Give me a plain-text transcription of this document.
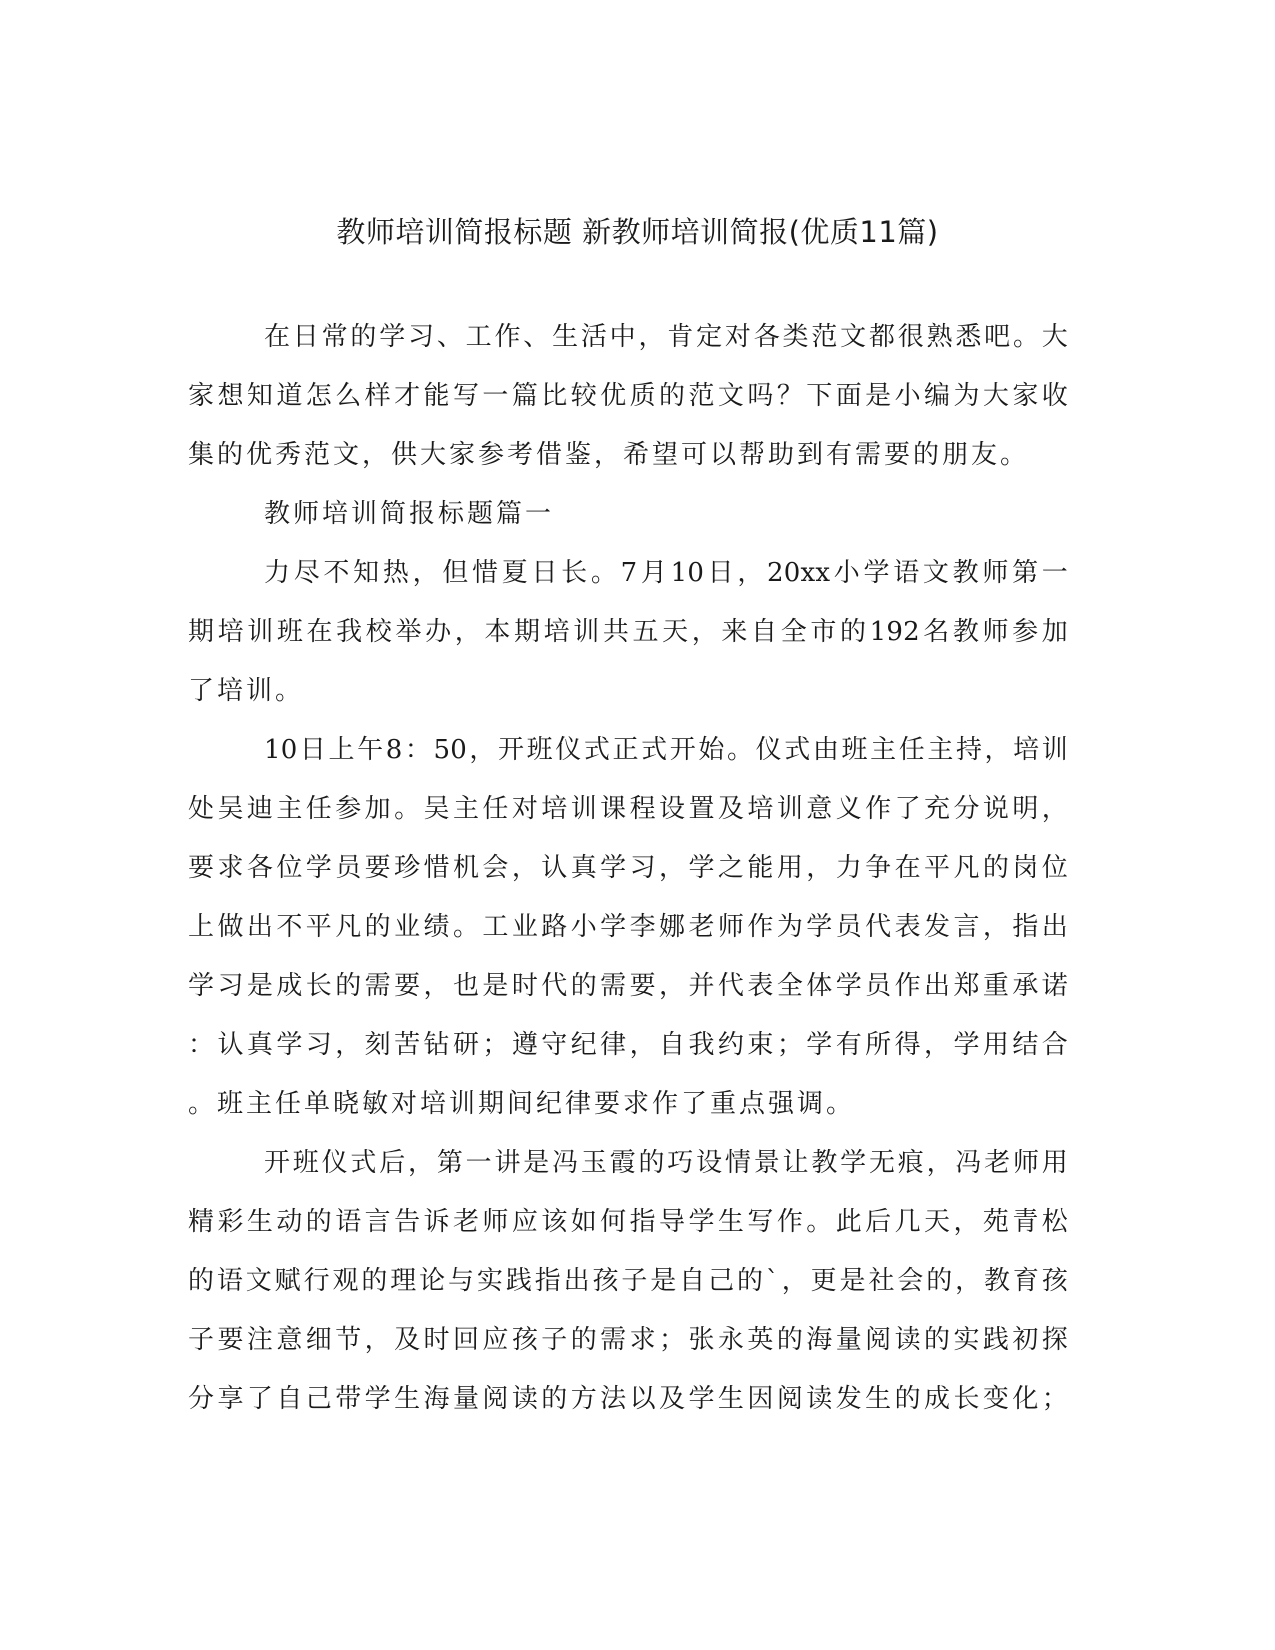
教师培训简报标题 新教师培训简报(优质11篇)
在日常的学习、工作、生活中，肯定对各类范文都很熟悉吧。大
家想知道怎么样才能写一篇比较优质的范文吗？下面是小编为大家收
集的优秀范文，供大家参考借鉴，希望可以帮助到有需要的朋友。
教师培训简报标题篇一
力尽不知热，但惜夏日长。7月10日，20xx小学语文教师第一
期培训班在我校举办，本期培训共五天，来自全市的192名教师参加
了培训。
10日上午8：50，开班仪式正式开始。仪式由班主任主持，培训
处吴迪主任参加。吴主任对培训课程设置及培训意义作了充分说明，
要求各位学员要珍惜机会，认真学习，学之能用，力争在平凡的岗位
上做出不平凡的业绩。工业路小学李娜老师作为学员代表发言，指出
学习是成长的需要，也是时代的需要，并代表全体学员作出郑重承诺
：认真学习，刻苦钻研；遵守纪律，自我约束；学有所得，学用结合
。班主任单晓敏对培训期间纪律要求作了重点强调。
开班仪式后，第一讲是冯玉霞的巧设情景让教学无痕，冯老师用
精彩生动的语言告诉老师应该如何指导学生写作。此后几天，苑青松
的语文赋行观的理论与实践指出孩子是自己的`，更是社会的，教育孩
子要注意细节，及时回应孩子的需求；张永英的海量阅读的实践初探
分享了自己带学生海量阅读的方法以及学生因阅读发生的成长变化；
